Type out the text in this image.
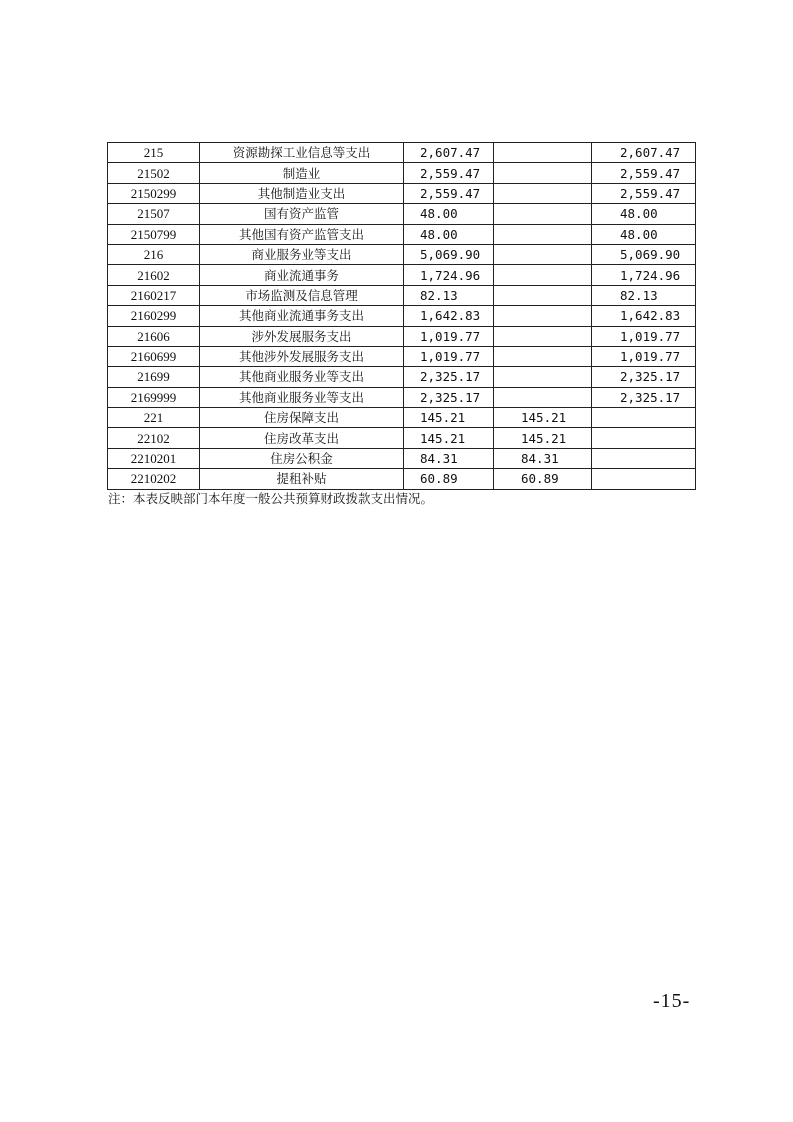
215	资源勘探工业信息等支出	2,607.47		2,607.47
21502	制造业	2,559.47		2,559.47
2150299	其他制造业支出	2,559.47		2,559.47
21507	国有资产监管	48.00		48.00
2150799	其他国有资产监管支出	48.00		48.00
216	商业服务业等支出	5,069.90		5,069.90
21602	商业流通事务	1,724.96		1,724.96
2160217	市场监测及信息管理	82.13		82.13
2160299	其他商业流通事务支出	1,642.83		1,642.83
21606	涉外发展服务支出	1,019.77		1,019.77
2160699	其他涉外发展服务支出	1,019.77		1,019.77
21699	其他商业服务业等支出	2,325.17		2,325.17
2169999	其他商业服务业等支出	2,325.17		2,325.17
221	住房保障支出	145.21	145.21	
22102	住房改革支出	145.21	145.21	
2210201	住房公积金	84.31	84.31	
2210202	提租补贴	60.89	60.89	
注：本表反映部门本年度一般公共预算财政拨款支出情况。
-15-
